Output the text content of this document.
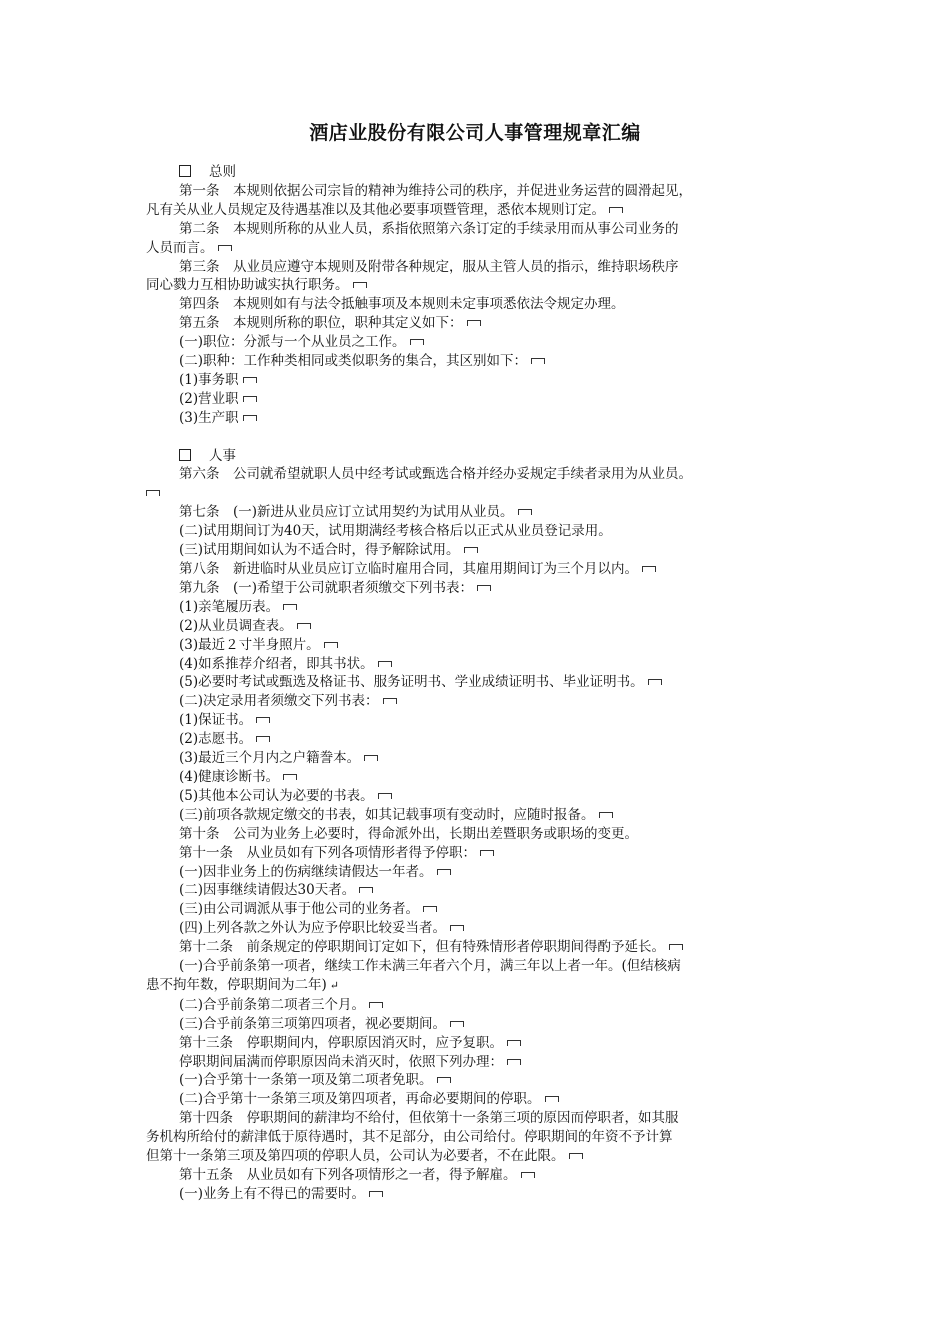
酒店业股份有限公司人事管理规章汇编

总则

第一条　本规则依据公司宗旨的精神为维持公司的秩序，并促进业务运营的圆滑起见，

凡有关从业人员规定及待遇基准以及其他必要事项暨管理，悉依本规则订定。

第二条　本规则所称的从业人员，系指依照第六条订定的手续录用而从事公司业务的

人员而言。

第三条　从业员应遵守本规则及附带各种规定，服从主管人员的指示，维持职场秩序

同心戮力互相协助诚实执行职务。

第四条　本规则如有与法令抵触事项及本规则未定事项悉依法令规定办理。

第五条　本规则所称的职位，职种其定义如下：

(一)职位：分派与一个从业员之工作。

(二)职种：工作种类相同或类似职务的集合，其区别如下：

(1)事务职

(2)营业职

(3)生产职

人事

第六条　公司就希望就职人员中经考试或甄选合格并经办妥规定手续者录用为从业员。

第七条　(一)新进从业员应订立试用契约为试用从业员。

(二)试用期间订为40天，试用期满经考核合格后以正式从业员登记录用。

(三)试用期间如认为不适合时，得予解除试用。

第八条　新进临时从业员应订立临时雇用合同，其雇用期间订为三个月以内。

第九条　(一)希望于公司就职者须缴交下列书表：

(1)亲笔履历表。

(2)从业员调查表。

(3)最近２寸半身照片。

(4)如系推荐介绍者，即其书状。

(5)必要时考试或甄选及格证书、服务证明书、学业成绩证明书、毕业证明书。

(二)决定录用者须缴交下列书表：

(1)保证书。

(2)志愿书。

(3)最近三个月内之户籍誊本。

(4)健康诊断书。

(5)其他本公司认为必要的书表。

(三)前项各款规定缴交的书表，如其记载事项有变动时，应随时报备。

第十条　公司为业务上必要时，得命派外出，长期出差暨职务或职场的变更。

第十一条　从业员如有下列各项情形者得予停职：

(一)因非业务上的伤病继续请假达一年者。

(二)因事继续请假达30天者。

(三)由公司调派从事于他公司的业务者。

(四)上列各款之外认为应予停职比较妥当者。

第十二条　前条规定的停职期间订定如下，但有特殊情形者停职期间得酌予延长。

(一)合乎前条第一项者，继续工作未满三年者六个月，满三年以上者一年。(但结核病

患不拘年数，停职期间为二年) ↵

(二)合乎前条第二项者三个月。

(三)合乎前条第三项第四项者，视必要期间。

第十三条　停职期间内，停职原因消灭时，应予复职。

停职期间届满而停职原因尚未消灭时，依照下列办理：

(一)合乎第十一条第一项及第二项者免职。

(二)合乎第十一条第三项及第四项者，再命必要期间的停职。

第十四条　停职期间的薪津均不给付，但依第十一条第三项的原因而停职者，如其服

务机构所给付的薪津低于原待遇时，其不足部分，由公司给付。停职期间的年资不予计算

但第十一条第三项及第四项的停职人员，公司认为必要者，不在此限。

第十五条　从业员如有下列各项情形之一者，得予解雇。

(一)业务上有不得已的需要时。
